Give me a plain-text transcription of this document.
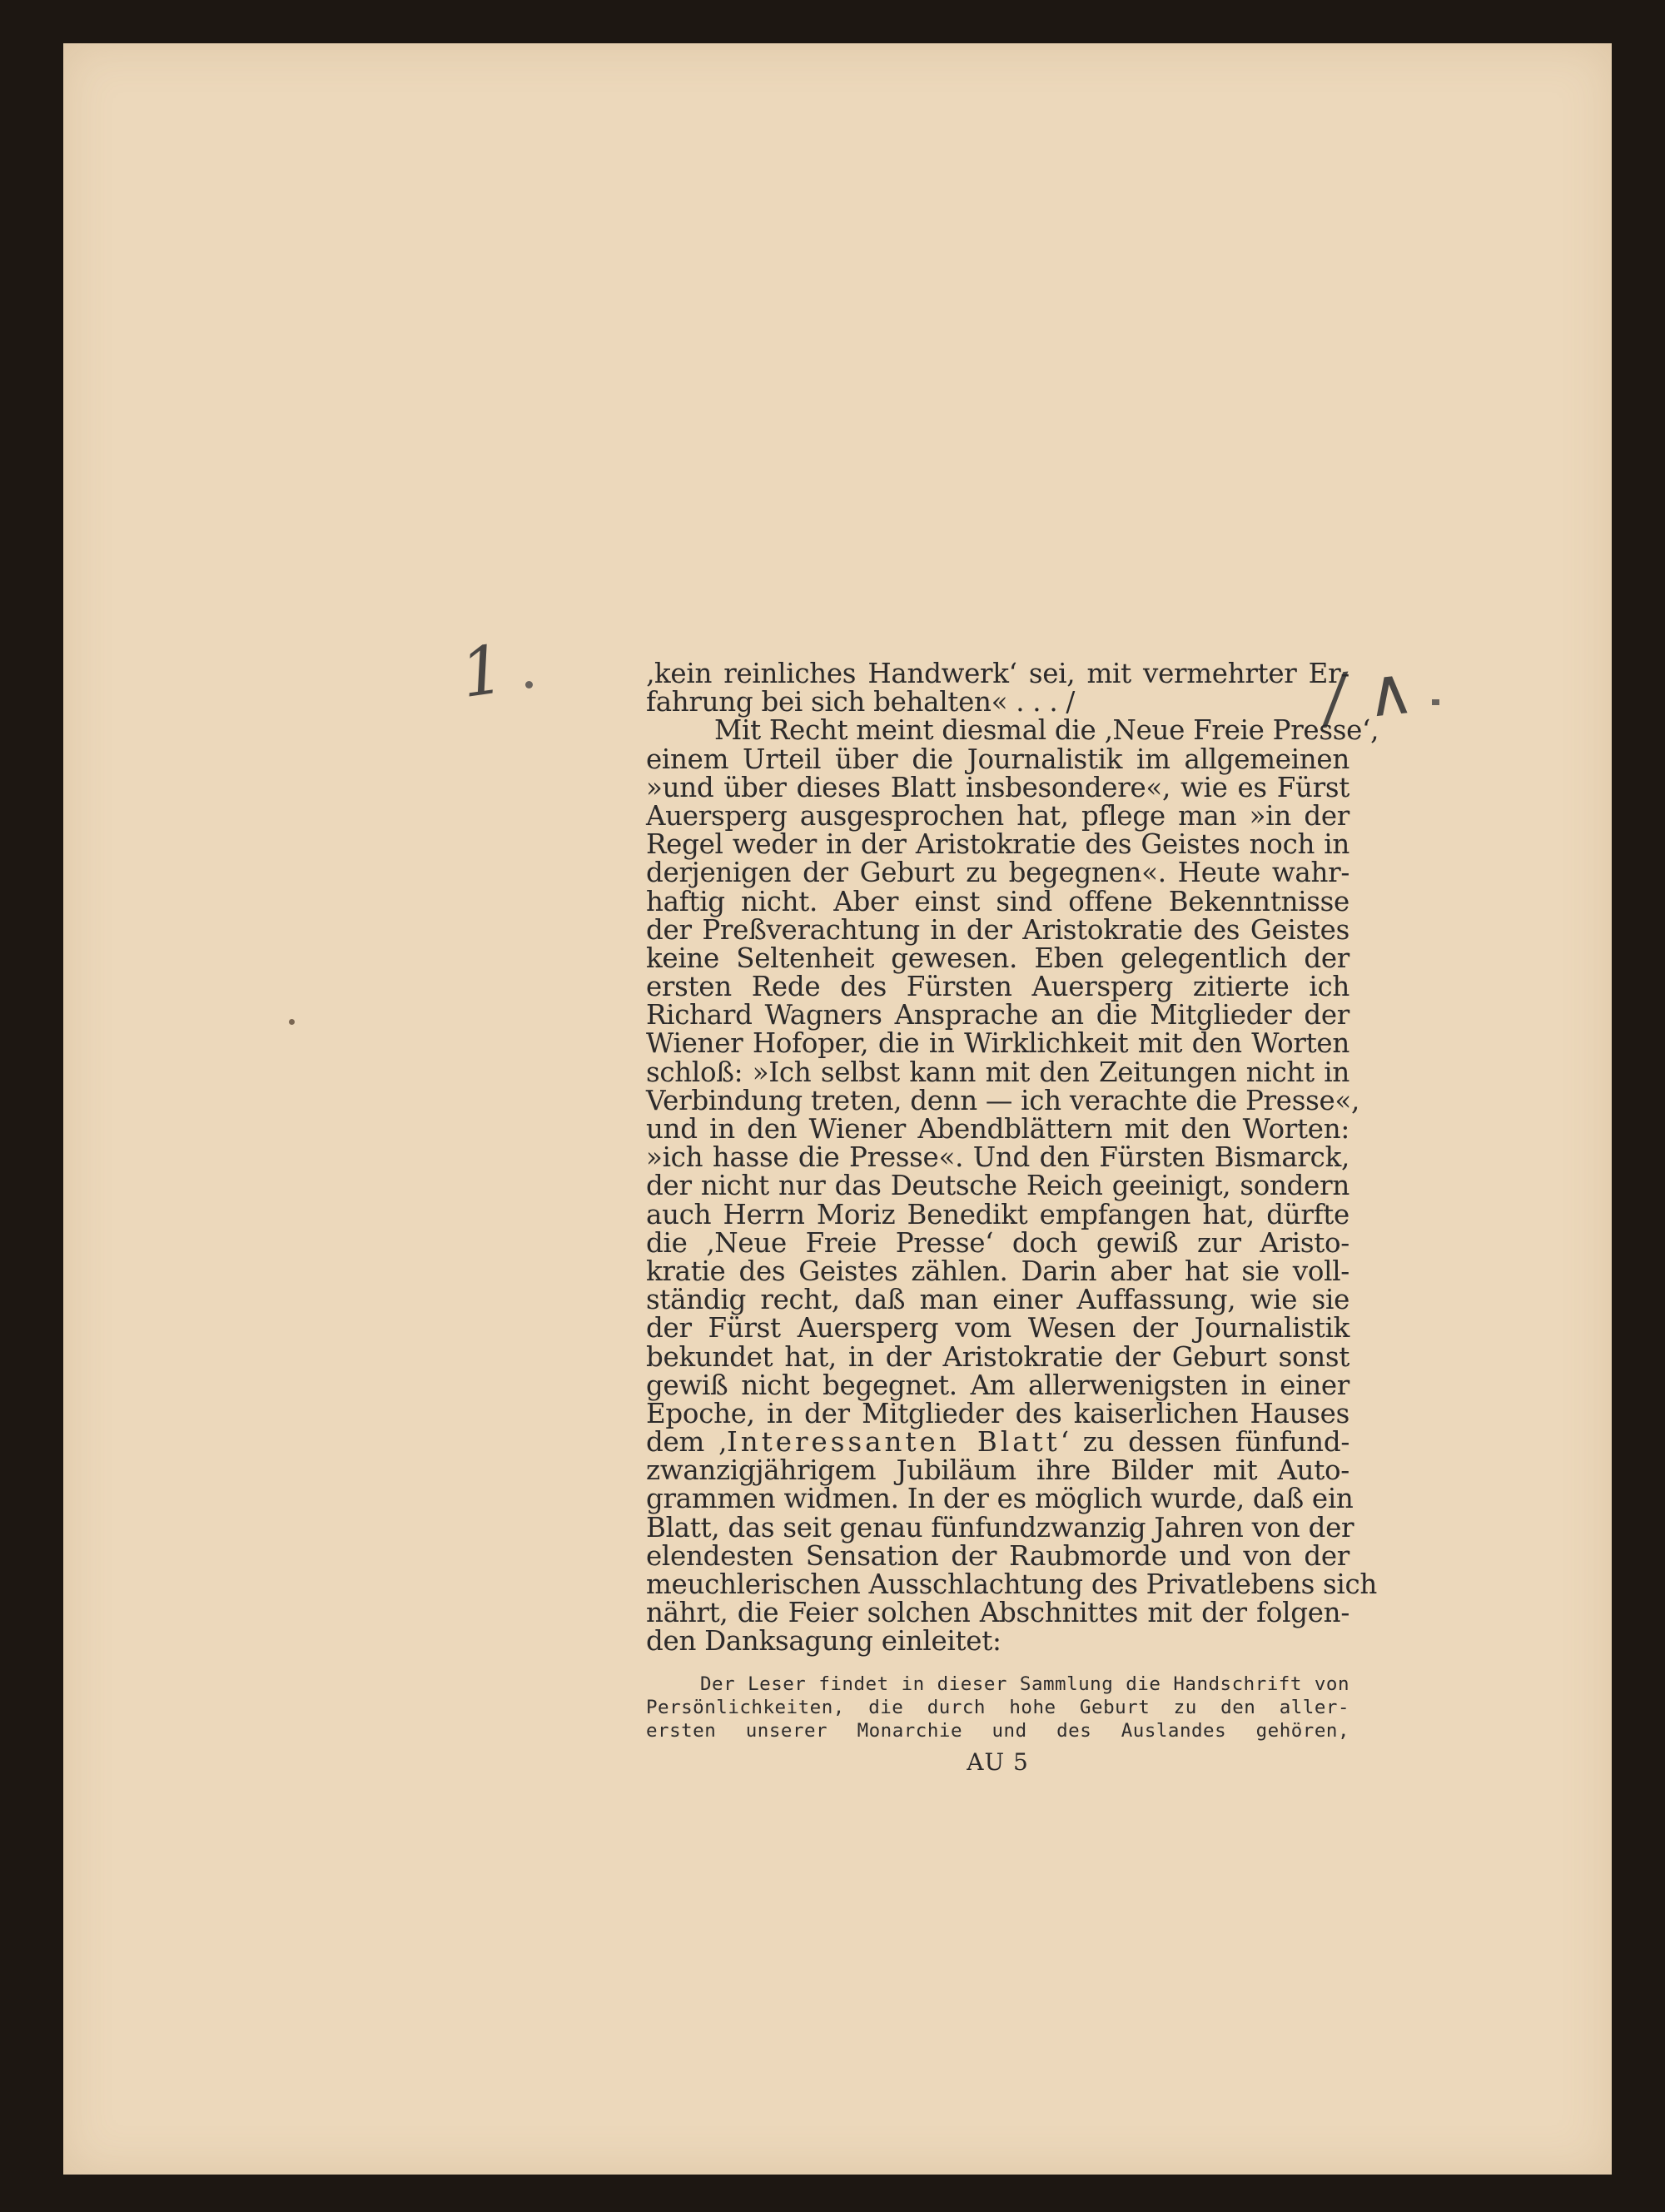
1	/ ∧
‚kein reinliches Handwerk‘ sei, mit vermehrter Er-
fahrung bei sich behalten« . . . /
Mit Recht meint diesmal die ‚Neue Freie Presse‘,
einem Urteil über die Journalistik im allgemeinen
»und über dieses Blatt insbesondere«, wie es Fürst
Auersperg ausgesprochen hat, pflege man »in der
Regel weder in der Aristokratie des Geistes noch in
derjenigen der Geburt zu begegnen«. Heute wahr-
haftig nicht. Aber einst sind offene Bekenntnisse
der Preßverachtung in der Aristokratie des Geistes
keine Seltenheit gewesen. Eben gelegentlich der
ersten Rede des Fürsten Auersperg zitierte ich
Richard Wagners Ansprache an die Mitglieder der
Wiener Hofoper, die in Wirklichkeit mit den Worten
schloß: »Ich selbst kann mit den Zeitungen nicht in
Verbindung treten, denn — ich verachte die Presse«,
und in den Wiener Abendblättern mit den Worten:
»ich hasse die Presse«. Und den Fürsten Bismarck,
der nicht nur das Deutsche Reich geeinigt, sondern
auch Herrn Moriz Benedikt empfangen hat, dürfte
die ‚Neue Freie Presse‘ doch gewiß zur Aristo-
kratie des Geistes zählen. Darin aber hat sie voll-
ständig recht, daß man einer Auffassung, wie sie
der Fürst Auersperg vom Wesen der Journalistik
bekundet hat, in der Aristokratie der Geburt sonst
gewiß nicht begegnet. Am allerwenigsten in einer
Epoche, in der Mitglieder des kaiserlichen Hauses
dem ‚Interessanten Blatt‘ zu dessen fünfund-
zwanzigjährigem Jubiläum ihre Bilder mit Auto-
grammen widmen. In der es möglich wurde, daß ein
Blatt, das seit genau fünfundzwanzig Jahren von der
elendesten Sensation der Raubmorde und von der
meuchlerischen Ausschlachtung des Privatlebens sich
nährt, die Feier solchen Abschnittes mit der folgen-
den Danksagung einleitet:
Der Leser findet in dieser Sammlung die Handschrift von
Persönlichkeiten, die durch hohe Geburt zu den aller-
ersten unserer Monarchie und des Auslandes gehören,
AU 5
